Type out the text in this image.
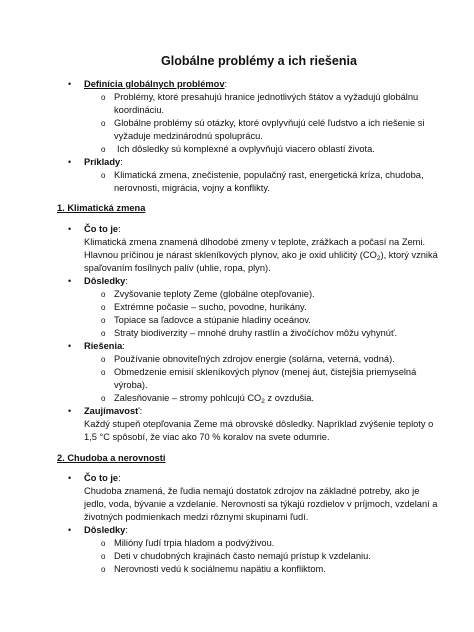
Globálne problémy a ich riešenia
• Definícia globálnych problémov:
o Problémy, ktoré presahujú hranice jednotlivých štátov a vyžadujú globálnu
koordináciu.
o Globálne problémy sú otázky, ktoré ovplyvňujú celé ľudstvo a ich riešenie si
vyžaduje medzinárodnú spoluprácu.
o Ich dôsledky sú komplexné a ovplyvňujú viacero oblastí života.
• Príklady:
o Klimatická zmena, znečistenie, populačný rast, energetická kríza, chudoba,
nerovnosti, migrácia, vojny a konflikty.
1. Klimatická zmena
• Čo to je:
Klimatická zmena znamená dlhodobé zmeny v teplote, zrážkach a počasí na Zemi.
Hlavnou príčinou je nárast skleníkových plynov, ako je oxid uhličitý $(CO_2)$, ktorý vzniká
spaľovaním fosílnych palív (uhlie, ropa, plyn).
• Dôsledky:
o Zvyšovanie teploty Zeme (globálne otepľovanie).
o Extrémne počasie – sucho, povodne, hurikány.
o Topiace sa ľadovce a stúpanie hladiny oceánov.
o Straty biodiverzity – mnohé druhy rastlín a živočíchov môžu vyhynúť.
• Riešenia:
o Používanie obnoviteľných zdrojov energie (solárna, veterná, vodná).
o Obmedzenie emisií skleníkových plynov (menej áut, čistejšia priemyselná
výroba).
o Zalesňovanie – stromy pohlcujú $CO_2$ z ovzdušia.
• Zaujímavosť:
Každý stupeň otepľovania Zeme má obrovské dôsledky. Napríklad zvýšenie teploty o
1,5 °C spôsobí, že viac ako 70 % koralov na svete odumrie.
2. Chudoba a nerovnosti
• Čo to je:
Chudoba znamená, že ľudia nemajú dostatok zdrojov na základné potreby, ako je
jedlo, voda, bývanie a vzdelanie. Nerovnosti sa týkajú rozdielov v príjmoch, vzdelaní a
životných podmienkach medzi rôznymi skupinami ľudí.
• Dôsledky:
o Milióny ľudí trpia hladom a podvýživou.
o Deti v chudobných krajinách často nemajú prístup k vzdelaniu.
o Nerovnosti vedú k sociálnemu napätiu a konfliktom.
